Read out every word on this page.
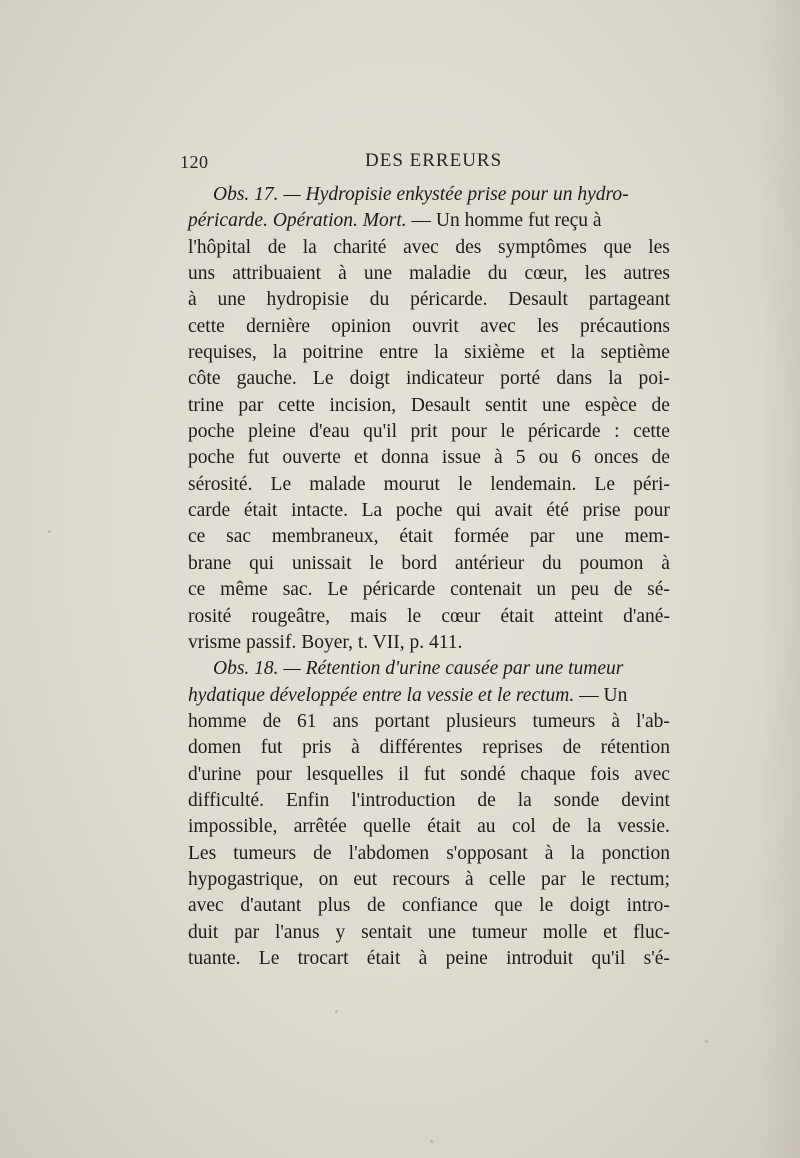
120	DES ERREURS
Obs. 17. — Hydropisie enkystée prise pour un hydro-
péricarde. Opération. Mort. — Un homme fut reçu à
l'hôpital de la charité avec des symptômes que les
uns attribuaient à une maladie du cœur, les autres
à une hydropisie du péricarde. Desault partageant
cette dernière opinion ouvrit avec les précautions
requises, la poitrine entre la sixième et la septième
côte gauche. Le doigt indicateur porté dans la poi-
trine par cette incision, Desault sentit une espèce de
poche pleine d'eau qu'il prit pour le péricarde : cette
poche fut ouverte et donna issue à 5 ou 6 onces de
sérosité. Le malade mourut le lendemain. Le péri-
carde était intacte. La poche qui avait été prise pour
ce sac membraneux, était formée par une mem-
brane qui unissait le bord antérieur du poumon à
ce même sac. Le péricarde contenait un peu de sé-
rosité rougeâtre, mais le cœur était atteint d'ané-
vrisme passif. Boyer, t. VII, p. 411.
Obs. 18. — Rétention d'urine causée par une tumeur
hydatique développée entre la vessie et le rectum. — Un
homme de 61 ans portant plusieurs tumeurs à l'ab-
domen fut pris à différentes reprises de rétention
d'urine pour lesquelles il fut sondé chaque fois avec
difficulté. Enfin l'introduction de la sonde devint
impossible, arrêtée quelle était au col de la vessie.
Les tumeurs de l'abdomen s'opposant à la ponction
hypogastrique, on eut recours à celle par le rectum;
avec d'autant plus de confiance que le doigt intro-
duit par l'anus y sentait une tumeur molle et fluc-
tuante. Le trocart était à peine introduit qu'il s'é-
